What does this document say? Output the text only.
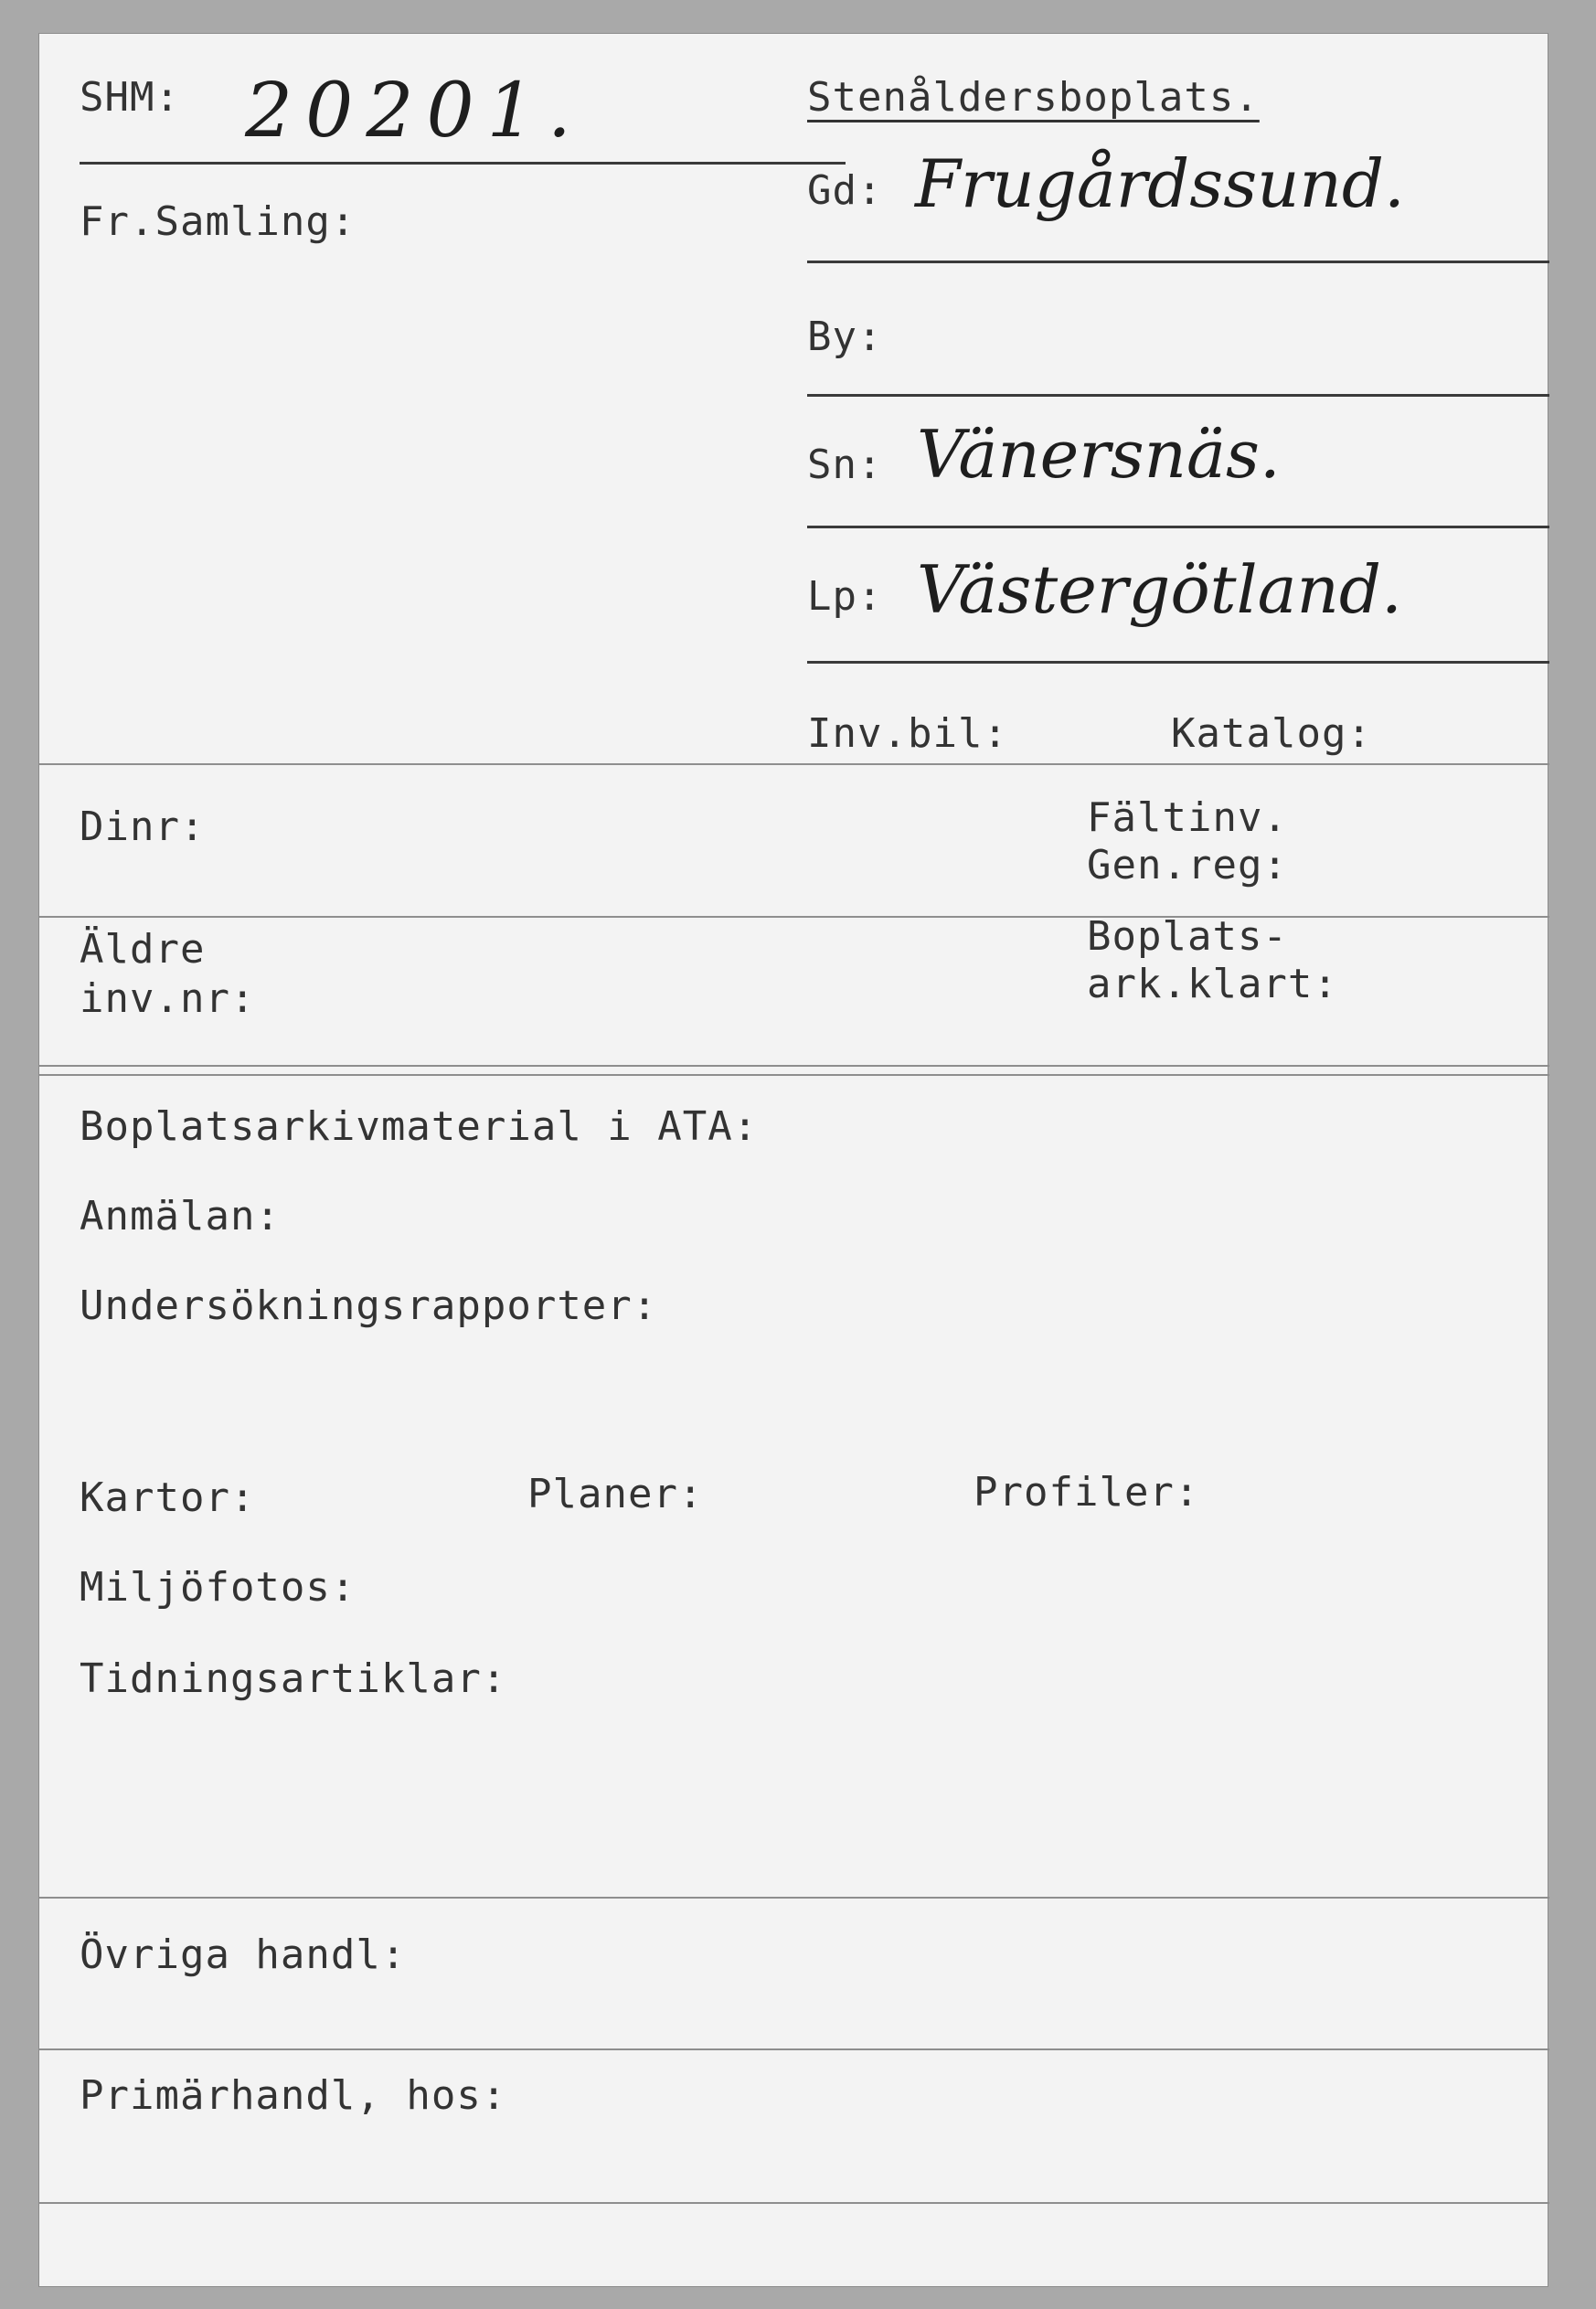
SHM: 20201.
Fr.Samling:
Stenåldersboplats.
Gd: Frugårdssund.
By:
Sn: Vänersnäs.
Lp: Västergötland.
Inv.bil:	Katalog:
Dinr:	Fältinv.
Gen.reg:
Äldre
inv.nr:
Boplats-
ark.klart:
Boplatsarkivmaterial i ATA:
Anmälan:
Undersökningsrapporter:
Kartor:	Planer:	Profiler:
Miljöfotos:
Tidningsartiklar:
Övriga handl:
Primärhandl, hos:
